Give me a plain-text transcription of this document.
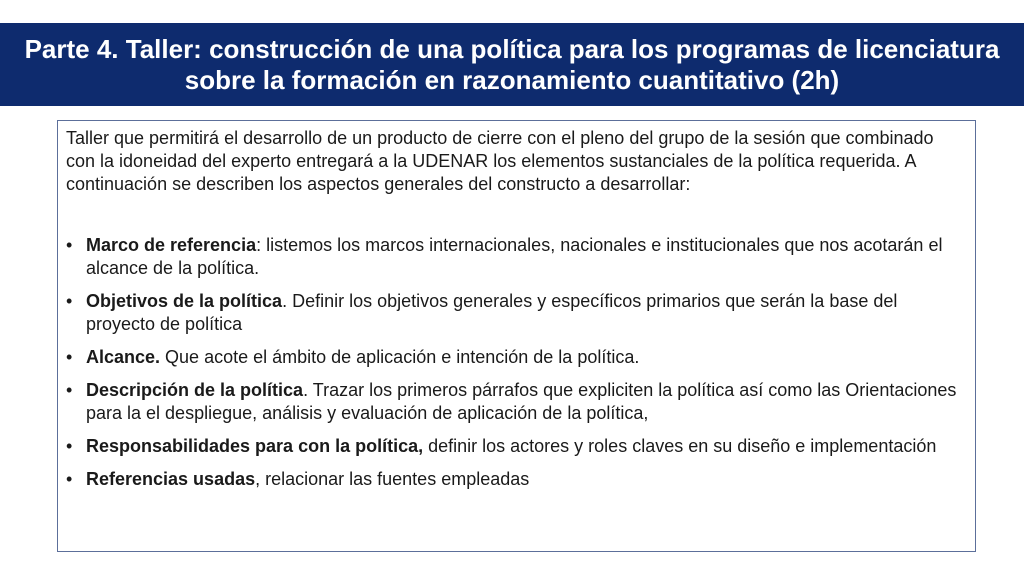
Parte 4. Taller: construcción de una política para los programas de licenciatura sobre la formación en razonamiento cuantitativo (2h)

Taller que permitirá el desarrollo de un producto de cierre con el pleno del grupo de la sesión que combinado con la idoneidad del experto entregará a la UDENAR los elementos sustanciales de la política requerida. A continuación se describen los aspectos generales del constructo a desarrollar:

• Marco de referencia: listemos los marcos internacionales, nacionales e institucionales que nos acotarán el alcance de la política.
• Objetivos de la política. Definir los objetivos generales y específicos primarios que serán la base del proyecto de política
• Alcance. Que acote el ámbito de aplicación e intención de la política.
• Descripción de la política. Trazar los primeros párrafos que expliciten la política así como las Orientaciones para la el despliegue, análisis y evaluación de aplicación de la política,
• Responsabilidades para con la política, definir los actores y roles claves en su diseño e implementación
• Referencias usadas, relacionar las fuentes empleadas
